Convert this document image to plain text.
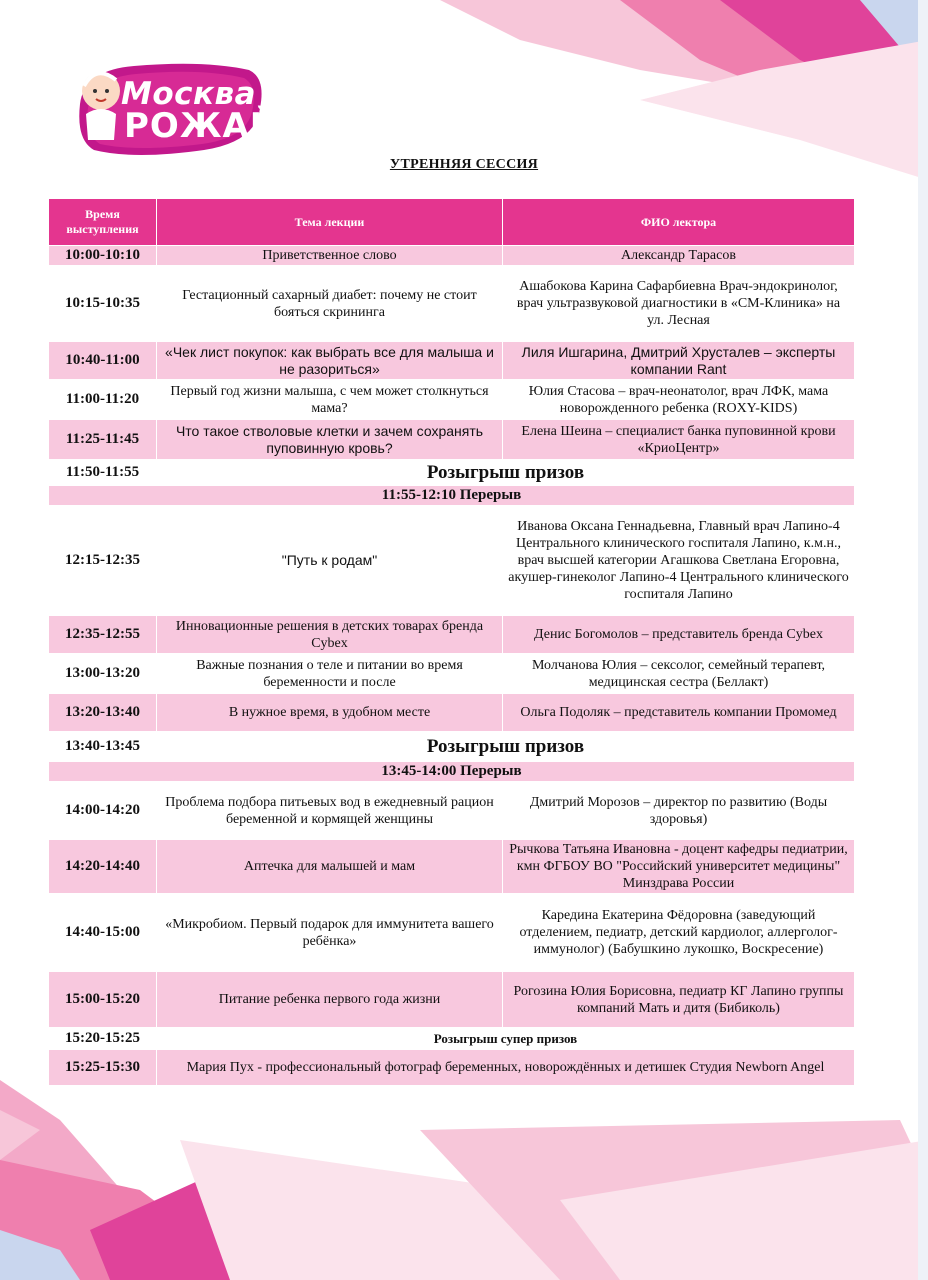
Москва
РОЖАЙ
УТРЕННЯЯ СЕССИЯ
Время выступления	Тема лекции	ФИО лектора
10:00-10:10	Приветственное слово	Александр Тарасов
10:15-10:35	Гестационный сахарный диабет: почему не стоит бояться скрининга	Ашабокова Карина Сафарбиевна Врач-эндокринолог, врач ультразвуковой диагностики в «СМ-Клиника» на ул. Лесная
10:40-11:00	«Чек лист покупок: как выбрать все для малыша и не разориться»	Лиля Ишгарина, Дмитрий Хрусталев – эксперты компании Rant
11:00-11:20	Первый год жизни малыша, с чем может столкнуться мама?	Юлия Стасова – врач-неонатолог, врач ЛФК, мама новорожденного ребенка (ROXY-KIDS)
11:25-11:45	Что такое стволовые клетки и зачем сохранять пуповинную кровь?	Елена Шеина – специалист банка пуповинной крови «КриоЦентр»
11:50-11:55	Розыгрыш призов	
11:55-12:10 Перерыв		
12:15-12:35	"Путь к родам"	Иванова Оксана Геннадьевна, Главный врач Лапино-4 Центрального клинического госпиталя Лапино, к.м.н., врач высшей категории Агашкова Светлана Егоровна, акушер-гинеколог Лапино-4 Центрального клинического госпиталя Лапино
12:35-12:55	Инновационные решения в детских товарах бренда Cybex	Денис Богомолов – представитель бренда Cybex
13:00-13:20	Важные познания о теле и питании во время беременности и после	Молчанова Юлия – сексолог, семейный терапевт, медицинская сестра (Беллакт)
13:20-13:40	В нужное время, в удобном месте	Ольга Подоляк – представитель компании Промомед
13:40-13:45	Розыгрыш призов	
13:45-14:00 Перерыв		
14:00-14:20	Проблема подбора питьевых вод в ежедневный рацион беременной и кормящей женщины	Дмитрий Морозов – директор по развитию (Воды здоровья)
14:20-14:40	Аптечка для малышей и мам	Рычкова Татьяна Ивановна - доцент кафедры педиатрии, кмн ФГБОУ ВО "Российский университет медицины" Минздрава России
14:40-15:00	«Микробиом. Первый подарок для иммунитета вашего ребёнка»	Каредина Екатерина Фёдоровна (заведующий отделением, педиатр, детский кардиолог, аллерголог-иммунолог) (Бабушкино лукошко, Воскресение)
15:00-15:20	Питание ребенка первого года жизни	Рогозина Юлия Борисовна, педиатр КГ Лапино группы компаний Мать и дитя (Бибиколь)
15:20-15:25	Розыгрыш супер призов	
15:25-15:30	Мария Пух - профессиональный фотограф беременных, новорождённых и детишек Студия Newborn Angel	
